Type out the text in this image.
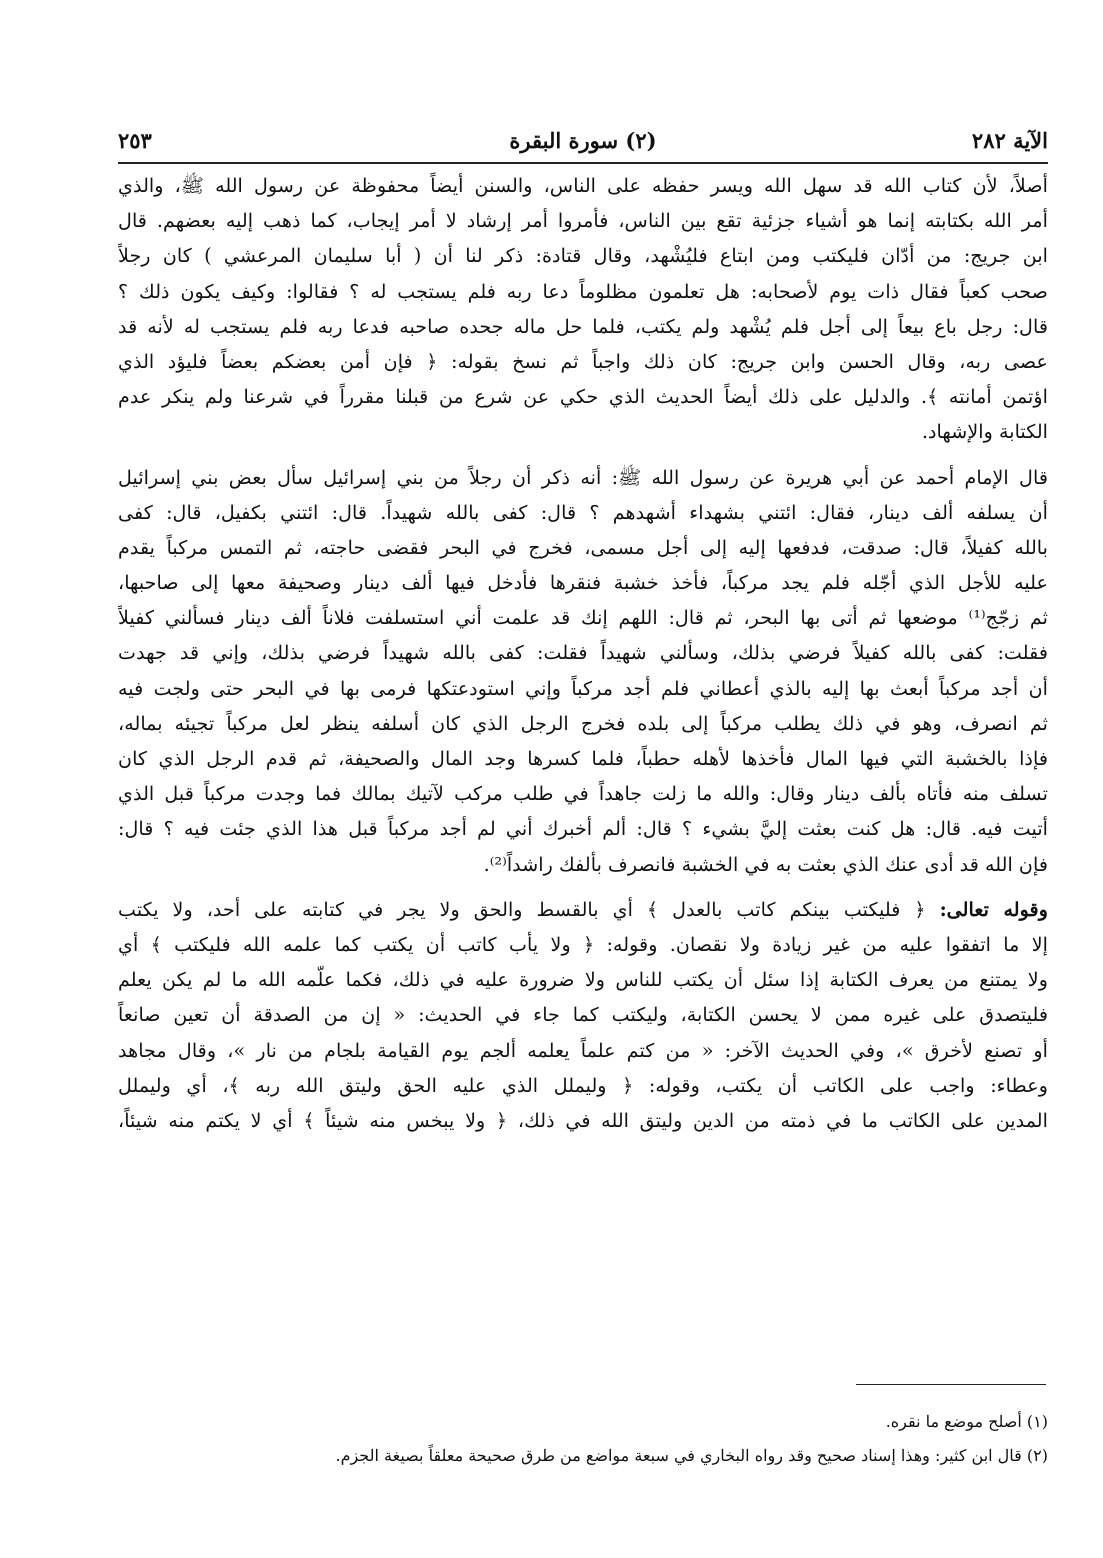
الآية ٢٨٢
(٢) سورة البقرة
٢٥٣
أصلاً، لأن كتاب الله قد سهل الله ويسر حفظه على الناس، والسنن أيضاً محفوظة عن رسول الله ﷺ، والذي
أمر الله بكتابته إنما هو أشياء جزئية تقع بين الناس، فأمروا أمر إرشاد لا أمر إيجاب، كما ذهب إليه بعضهم. قال
ابن جريج: من أدّان فليكتب ومن ابتاع فليُشْهد، وقال قتادة: ذكر لنا أن ( أبا سليمان المرعشي ) كان رجلاً
صحب كعباً فقال ذات يوم لأصحابه: هل تعلمون مظلوماً دعا ربه فلم يستجب له ؟ فقالوا: وكيف يكون ذلك ؟
قال: رجل باع بيعاً إلى أجل فلم يُشْهد ولم يكتب، فلما حل ماله جحده صاحبه فدعا ربه فلم يستجب له لأنه قد
عصى ربه، وقال الحسن وابن جريج: كان ذلك واجباً ثم نسخ بقوله: ﴿ فإن أمن بعضكم بعضاً فليؤد الذي
اؤتمن أمانته ﴾. والدليل على ذلك أيضاً الحديث الذي حكي عن شرع من قبلنا مقرراً في شرعنا ولم ينكر عدم
الكتابة والإشهاد.
قال الإمام أحمد عن أبي هريرة عن رسول الله ﷺ: أنه ذكر أن رجلاً من بني إسرائيل سأل بعض بني إسرائيل
أن يسلفه ألف دينار، فقال: ائتني بشهداء أشهدهم ؟ قال: كفى بالله شهيداً. قال: ائتني بكفيل، قال: كفى
بالله كفيلاً، قال: صدقت، فدفعها إليه إلى أجل مسمى، فخرج في البحر فقضى حاجته، ثم التمس مركباً يقدم
عليه للأجل الذي أجّله فلم يجد مركباً، فأخذ خشبة فنقرها فأدخل فيها ألف دينار وصحيفة معها إلى صاحبها،
ثم زجّج⁽¹⁾ موضعها ثم أتى بها البحر، ثم قال: اللهم إنك قد علمت أني استسلفت فلاناً ألف دينار فسألني كفيلاً
فقلت: كفى بالله كفيلاً فرضي بذلك، وسألني شهيداً فقلت: كفى بالله شهيداً فرضي بذلك، وإني قد جهدت
أن أجد مركباً أبعث بها إليه بالذي أعطاني فلم أجد مركباً وإني استودعتكها فرمى بها في البحر حتى ولجت فيه
ثم انصرف، وهو في ذلك يطلب مركباً إلى بلده فخرج الرجل الذي كان أسلفه ينظر لعل مركباً تجيئه بماله،
فإذا بالخشبة التي فيها المال فأخذها لأهله حطباً، فلما كسرها وجد المال والصحيفة، ثم قدم الرجل الذي كان
تسلف منه فأتاه بألف دينار وقال: والله ما زلت جاهداً في طلب مركب لآتيك بمالك فما وجدت مركباً قبل الذي
أتيت فيه. قال: هل كنت بعثت إليَّ بشيء ؟ قال: ألم أخبرك أني لم أجد مركباً قبل هذا الذي جئت فيه ؟ قال:
فإن الله قد أدى عنك الذي بعثت به في الخشبة فانصرف بألفك راشداً⁽²⁾.
وقوله تعالى: ﴿ فليكتب بينكم كاتب بالعدل ﴾ أي بالقسط والحق ولا يجر في كتابته على أحد، ولا يكتب
إلا ما اتفقوا عليه من غير زيادة ولا نقصان. وقوله: ﴿ ولا يأب كاتب أن يكتب كما علمه الله فليكتب ﴾ أي
ولا يمتنع من يعرف الكتابة إذا سئل أن يكتب للناس ولا ضرورة عليه في ذلك، فكما علّمه الله ما لم يكن يعلم
فليتصدق على غيره ممن لا يحسن الكتابة، وليكتب كما جاء في الحديث: « إن من الصدقة أن تعين صانعاً
أو تصنع لأخرق »، وفي الحديث الآخر: « من كتم علماً يعلمه ألجم يوم القيامة بلجام من نار »، وقال مجاهد
وعطاء: واجب على الكاتب أن يكتب، وقوله: ﴿ وليملل الذي عليه الحق وليتق الله ربه ﴾، أي وليملل
المدين على الكاتب ما في ذمته من الدين وليتق الله في ذلك، ﴿ ولا يبخس منه شيئاً ﴾ أي لا يكتم منه شيئاً،
(١) أصلح موضع ما نقره.
(٢) قال ابن كثير: وهذا إسناد صحيح وقد رواه البخاري في سبعة مواضع من طرق صحيحة معلقاً بصيغة الجزم.
